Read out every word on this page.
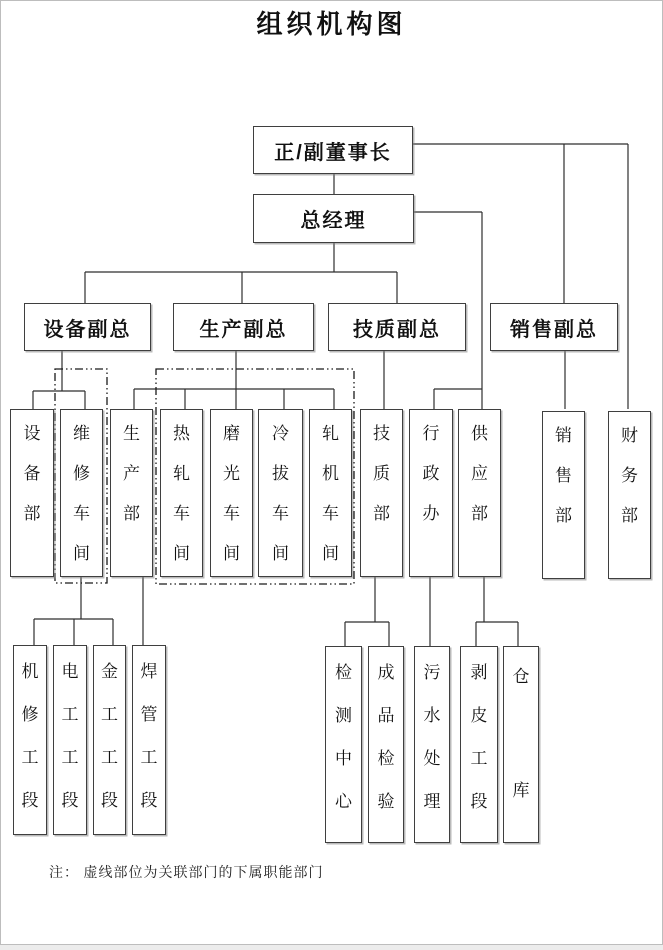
组织机构图
正/副董事长
总经理
设备副总	生产副总	技质副总	销售副总
设
备
部
维
修
车
间
生
产
部
热
轧
车
间
磨
光
车
间
冷
拔
车
间
轧
机
车
间
技
质
部
行
政
办
供
应
部
销
售
部
财
务
部
机
修
工
段
电
工
工
段
金
工
工
段
焊
管
工
段
检
测
中
心
成
品
检
验
污
水
处
理
剥
皮
工
段
仓
库
注： 虚线部位为关联部门的下属职能部门
